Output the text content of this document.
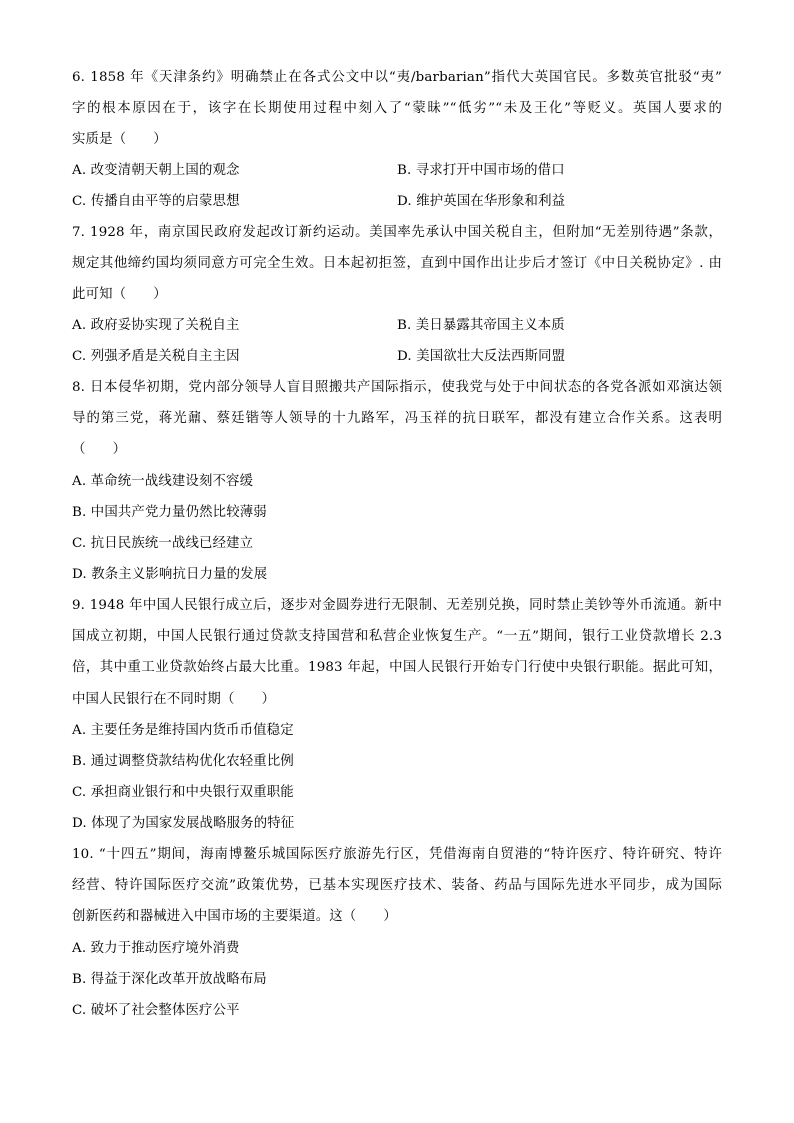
6. 1858 年《天津条约》明确禁止在各式公文中以“夷/barbarian”指代大英国官民。多数英官批驳“夷”
字的根本原因在于，该字在长期使用过程中刻入了“蒙昧”“低劣”“未及王化”等贬义。英国人要求的
实质是（　　）
A. 改变清朝天朝上国的观念	B. 寻求打开中国市场的借口
C. 传播自由平等的启蒙思想	D. 维护英国在华形象和利益
7. 1928 年，南京国民政府发起改订新约运动。美国率先承认中国关税自主，但附加“无差别待遇”条款，
规定其他缔约国均须同意方可完全生效。日本起初拒签，直到中国作出让步后才签订《中日关税协定》. 由
此可知（　　）
A. 政府妥协实现了关税自主	B. 美日暴露其帝国主义本质
C. 列强矛盾是关税自主主因	D. 美国欲壮大反法西斯同盟
8. 日本侵华初期，党内部分领导人盲目照搬共产国际指示，使我党与处于中间状态的各党各派如邓演达领
导的第三党，蒋光鼐、蔡廷锴等人领导的十九路军，冯玉祥的抗日联军，都没有建立合作关系。这表明
（　　）
A. 革命统一战线建设刻不容缓
B. 中国共产党力量仍然比较薄弱
C. 抗日民族统一战线已经建立
D. 教条主义影响抗日力量的发展
9. 1948 年中国人民银行成立后，逐步对金圆券进行无限制、无差别兑换，同时禁止美钞等外币流通。新中
国成立初期，中国人民银行通过贷款支持国营和私营企业恢复生产。“一五”期间，银行工业贷款增长 2.3
倍，其中重工业贷款始终占最大比重。1983 年起，中国人民银行开始专门行使中央银行职能。据此可知，
中国人民银行在不同时期（　　）
A. 主要任务是维持国内货币币值稳定
B. 通过调整贷款结构优化农轻重比例
C. 承担商业银行和中央银行双重职能
D. 体现了为国家发展战略服务的特征
10. “十四五”期间，海南博鳌乐城国际医疗旅游先行区，凭借海南自贸港的“特许医疗、特许研究、特许
经营、特许国际医疗交流”政策优势，已基本实现医疗技术、装备、药品与国际先进水平同步，成为国际
创新医药和器械进入中国市场的主要渠道。这（　　）
A. 致力于推动医疗境外消费
B. 得益于深化改革开放战略布局
C. 破坏了社会整体医疗公平
